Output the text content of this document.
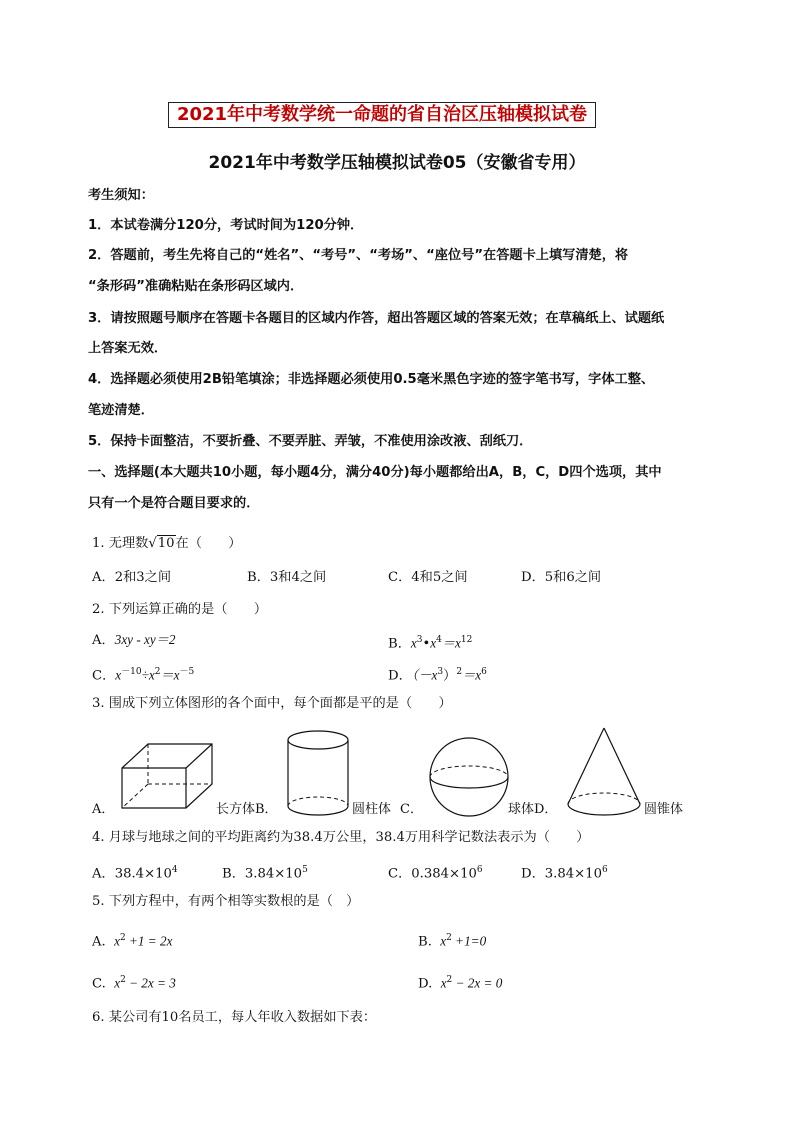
2021年中考数学统一命题的省自治区压轴模拟试卷
2021年中考数学压轴模拟试卷05（安徽省专用）
考生须知：
1．本试卷满分120分，考试时间为120分钟．
2．答题前，考生先将自己的“姓名”、“考号”、“考场”、“座位号”在答题卡上填写清楚，将
“条形码”准确粘贴在条形码区域内．
3．请按照题号顺序在答题卡各题目的区域内作答，超出答题区域的答案无效；在草稿纸上、试题纸
上答案无效．
4．选择题必须使用2B铅笔填涂；非选择题必须使用0.5毫米黑色字迹的签字笔书写，字体工整、
笔迹清楚．
5．保持卡面整洁，不要折叠、不要弄脏、弄皱，不准使用涂改液、刮纸刀．
一、选择题(本大题共10小题，每小题4分，满分40分)每小题都给出A，B，C，D四个选项，其中
只有一个是符合题目要求的．
1. 无理数√10在（　　）
A．2和3之间	B．3和4之间	C．4和5之间	D．5和6之间
2. 下列运算正确的是（　　）
A．3xy - xy＝2	B．$x^3•x^4=x^{12}$
C．$x^{-10}\div x^2=x^{-5}$	D．$(-x^3)^2=x^6$
3. 围成下列立体图形的各个面中，每个面都是平的是（　　）
A．	长方体B．	圆柱体 C．	球体D．	圆锥体
4. 月球与地球之间的平均距离约为38.4万公里，38.4万用科学记数法表示为（　　）
A．$38.4\times 10^4$	B．$3.84\times 10^5$	C．$0.384\times 10^6$	D．$3.84\times 10^6$
5. 下列方程中，有两个相等实数根的是（　）
A. $x^2 +1 = 2x$	B. $x^2 +1=0$
C. $x^2 - 2x = 3$	D. $x^2 - 2x = 0$
6. 某公司有10名员工，每人年收入数据如下表：
